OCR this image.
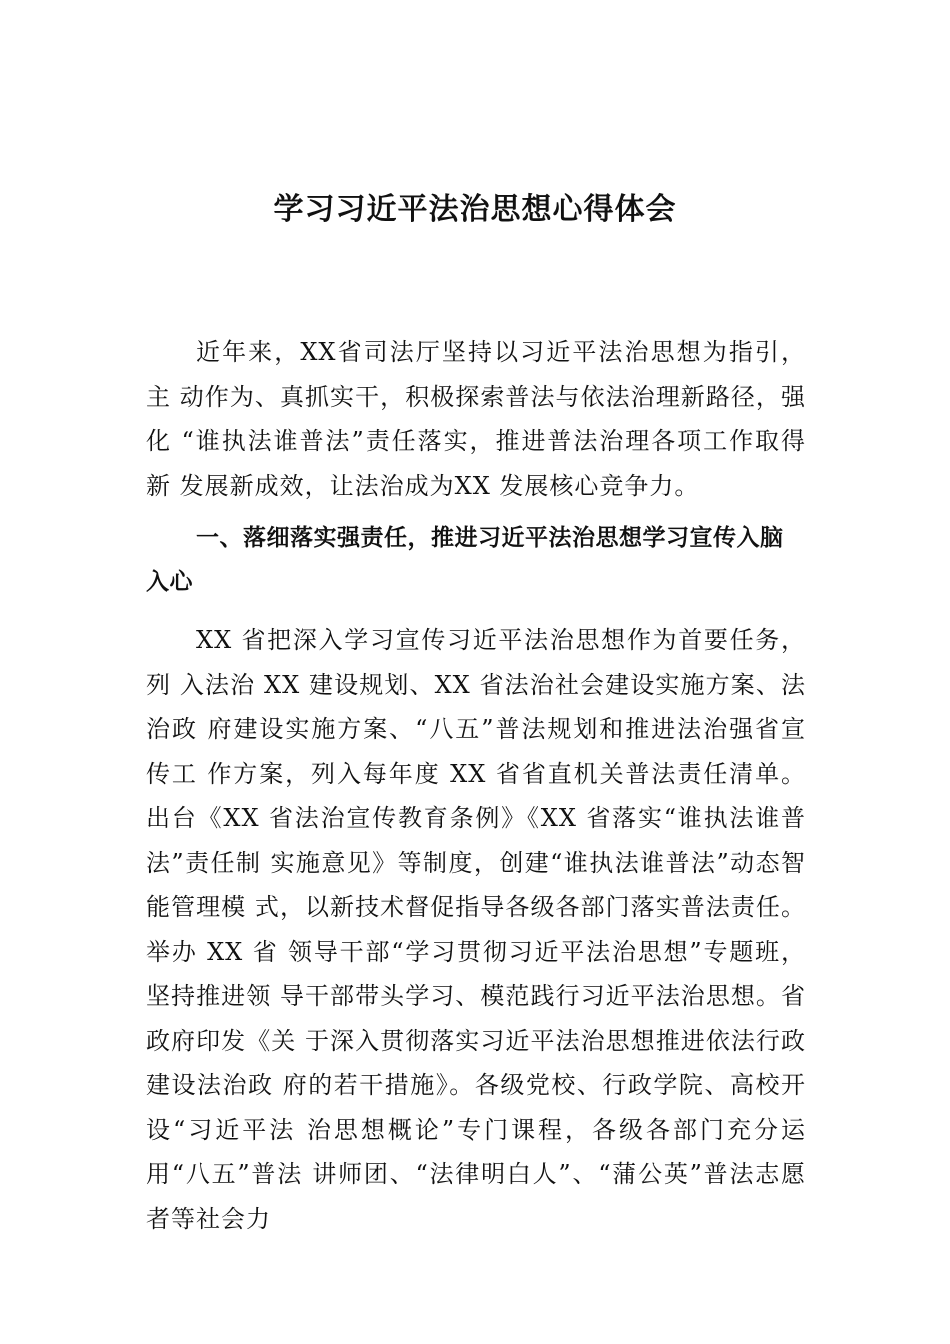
学习习近平法治思想心得体会

近年来，XX省司法厅坚持以习近平法治思想为指引，主 动作为、真抓实干，积极探索普法与依法治理新路径，强化 “谁执法谁普法”责任落实，推进普法治理各项工作取得新 发展新成效，让法治成为XX 发展核心竞争力。

一、落细落实强责任，推进习近平法治思想学习宣传入脑入心

XX 省把深入学习宣传习近平法治思想作为首要任务，列 入法治 XX 建设规划、XX 省法治社会建设实施方案、法治政 府建设实施方案、“八五”普法规划和推进法治强省宣传工 作方案，列入每年度 XX 省省直机关普法责任清单。出台《XX 省法治宣传教育条例》《XX 省落实“谁执法谁普法”责任制 实施意见》等制度，创建“谁执法谁普法”动态智能管理模 式，以新技术督促指导各级各部门落实普法责任。举办 XX 省 领导干部“学习贯彻习近平法治思想”专题班，坚持推进领 导干部带头学习、模范践行习近平法治思想。省政府印发《关 于深入贯彻落实习近平法治思想推进依法行政建设法治政 府的若干措施》。各级党校、行政学院、高校开设“习近平法 治思想概论”专门课程，各级各部门充分运用“八五”普法 讲师团、“法律明白人”、“蒲公英”普法志愿者等社会力
